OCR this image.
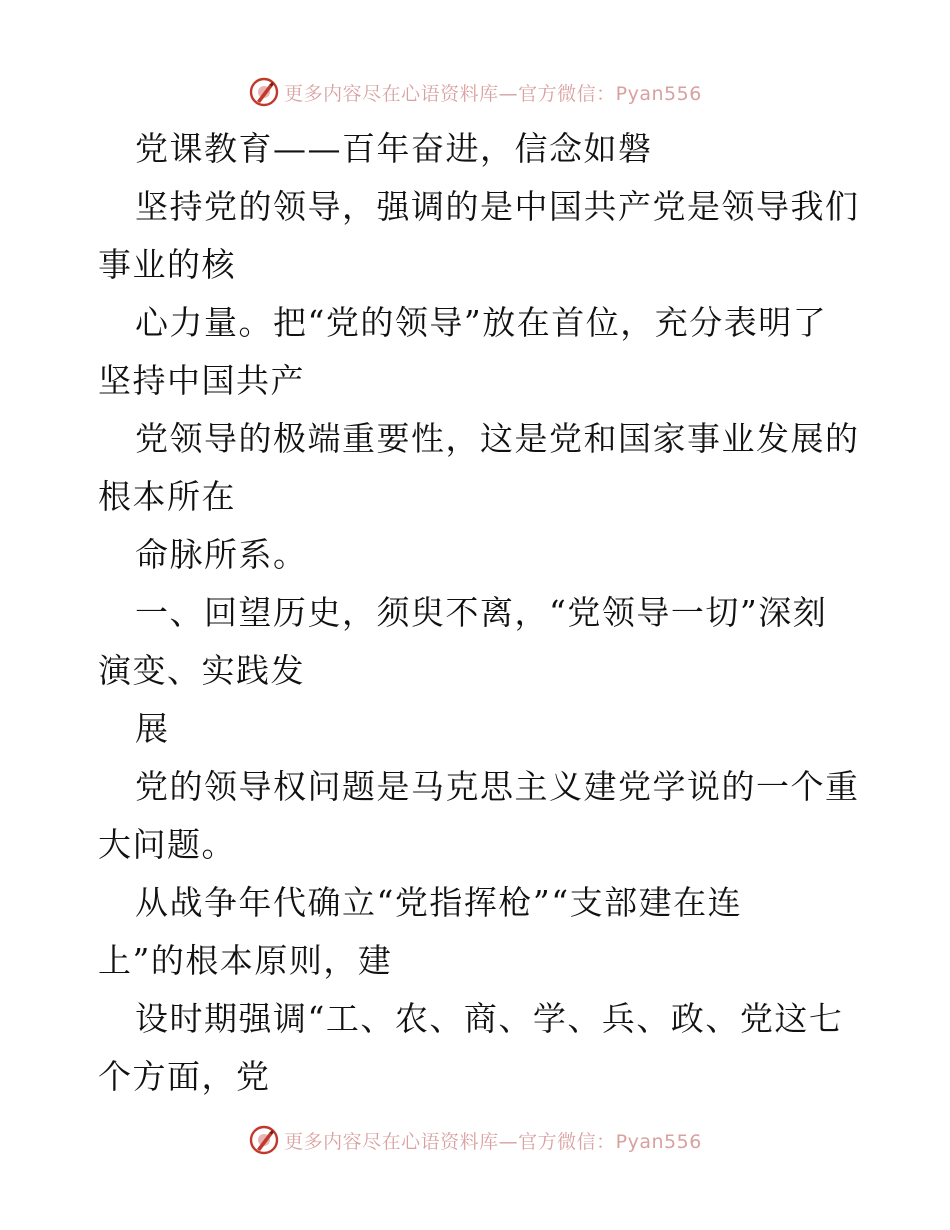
更多内容尽在心语资料库—官方微信：Pyan556
党课教育——百年奋进，信念如磐
坚持党的领导，强调的是中国共产党是领导我们
事业的核
心力量。把“党的领导”放在首位，充分表明了
坚持中国共产
党领导的极端重要性，这是党和国家事业发展的
根本所在
命脉所系。
一、回望历史，须臾不离，“党领导一切”深刻
演变、实践发
展
党的领导权问题是马克思主义建党学说的一个重
大问题。
从战争年代确立“党指挥枪”“支部建在连
上”的根本原则，建
设时期强调“工、农、商、学、兵、政、党这七
个方面，党
更多内容尽在心语资料库—官方微信：Pyan556
